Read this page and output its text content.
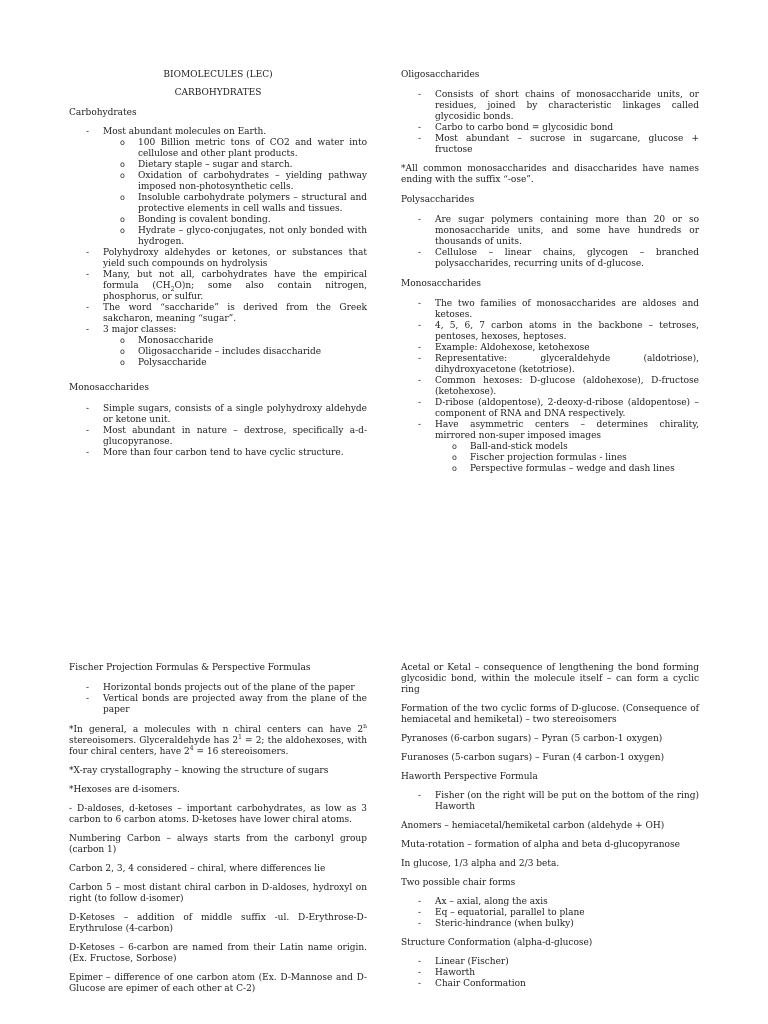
BIOMOLECULES (LEC)

CARBOHYDRATES

Carbohydrates

- Most abundant molecules on Earth.
o 100 Billion metric tons of CO2 and water into cellulose and other plant products.
o Dietary staple – sugar and starch.
o Oxidation of carbohydrates – yielding pathway imposed non-photosynthetic cells.
o Insoluble carbohydrate polymers – structural and protective elements in cell walls and tissues.
o Bonding is covalent bonding.
o Hydrate – glyco-conjugates, not only bonded with hydrogen.
- Polyhydroxy aldehydes or ketones, or substances that yield such compounds on hydrolysis
- Many, but not all, carbohydrates have the empirical formula $(CH_2O)n$; some also contain nitrogen, phosphorus, or sulfur.
- The word “saccharide” is derived from the Greek sakcharon, meaning “sugar”.
- 3 major classes:
o Monosaccharide
o Oligosaccharide – includes disaccharide
o Polysaccharide

Monosaccharides

- Simple sugars, consists of a single polyhydroxy aldehyde or ketone unit.
- Most abundant in nature – dextrose, specifically a-d-glucopyranose.
- More than four carbon tend to have cyclic structure.

Oligosaccharides

- Consists of short chains of monosaccharide units, or residues, joined by characteristic linkages called glycosidic bonds.
- Carbo to carbo bond = glycosidic bond
- Most abundant – sucrose in sugarcane, glucose + fructose

*All common monosaccharides and disaccharides have names ending with the suffix “-ose”.

Polysaccharides

- Are sugar polymers containing more than 20 or so monosaccharide units, and some have hundreds or thousands of units.
- Cellulose – linear chains, glycogen – branched polysaccharides, recurring units of d-glucose.

Monosaccharides

- The two families of monosaccharides are aldoses and ketoses.
- 4, 5, 6, 7 carbon atoms in the backbone – tetroses, pentoses, hexoses, heptoses.
- Example: Aldohexose, ketohexose
- Representative: glyceraldehyde (aldotriose), dihydroxyacetone (ketotriose).
- Common hexoses: D-glucose (aldohexose), D-fructose (ketohexose).
- D-ribose (aldopentose), 2-deoxy-d-ribose (aldopentose) – component of RNA and DNA respectively.
- Have asymmetric centers – determines chirality, mirrored non-super imposed images
o Ball-and-stick models
o Fischer projection formulas - lines
o Perspective formulas – wedge and dash lines

Fischer Projection Formulas & Perspective Formulas

- Horizontal bonds projects out of the plane of the paper
- Vertical bonds are projected away from the plane of the paper

*In general, a molecules with n chiral centers can have 2$^n$ stereoisomers. Glyceraldehyde has $2^1 = 2$; the aldohexoses, with four chiral centers, have $2^4 = 16$ stereoisomers.

*X-ray crystallography – knowing the structure of sugars

*Hexoses are d-isomers.

- D-aldoses, d-ketoses – important carbohydrates, as low as 3 carbon to 6 carbon atoms. D-ketoses have lower chiral atoms.

Numbering Carbon – always starts from the carbonyl group (carbon 1)

Carbon 2, 3, 4 considered – chiral, where differences lie

Carbon 5 – most distant chiral carbon in D-aldoses, hydroxyl on right (to follow d-isomer)

D-Ketoses – addition of middle suffix -ul. D-Erythrose-D-Erythrulose (4-carbon)

D-Ketoses – 6-carbon are named from their Latin name origin. (Ex. Fructose, Sorbose)

Epimer – difference of one carbon atom (Ex. D-Mannose and D-Glucose are epimer of each other at C-2)

Acetal or Ketal – consequence of lengthening the bond forming glycosidic bond, within the molecule itself – can form a cyclic ring

Formation of the two cyclic forms of D-glucose. (Consequence of hemiacetal and hemiketal) – two stereoisomers

Pyranoses (6-carbon sugars) – Pyran (5 carbon-1 oxygen)

Furanoses (5-carbon sugars) – Furan (4 carbon-1 oxygen)

Haworth Perspective Formula

- Fisher (on the right will be put on the bottom of the ring) Haworth

Anomers – hemiacetal/hemiketal carbon (aldehyde + OH)

Muta-rotation – formation of alpha and beta d-glucopyranose

In glucose, 1/3 alpha and 2/3 beta.

Two possible chair forms

- Ax – axial, along the axis
- Eq – equatorial, parallel to plane
- Steric-hindrance (when bulky)

Structure Conformation (alpha-d-glucose)

- Linear (Fischer)
- Haworth
- Chair Conformation
